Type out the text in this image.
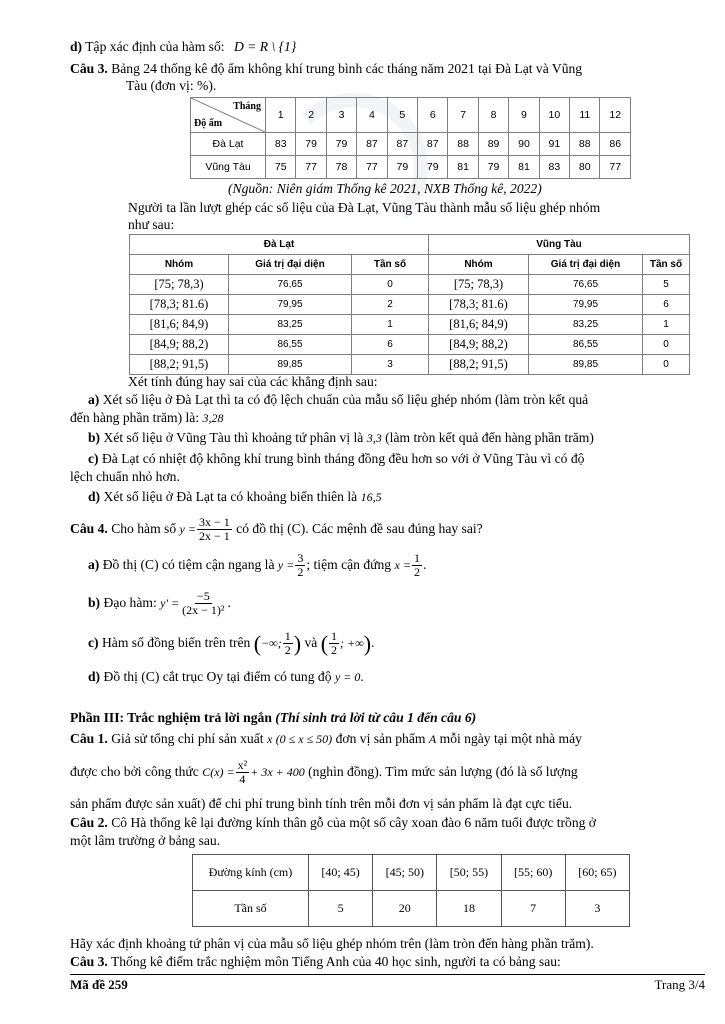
d) Tập xác định của hàm số: D = R \ {1}
Câu 3. Bảng 24 thống kê độ ẩm không khí trung bình các tháng năm 2021 tại Đà Lạt và Vũng
Tàu (đơn vị: %).
Tháng
Độ ẩm	1	2	3	4	5	6	7	8	9	10	11	12
Đà Lạt	83	79	79	87	87	87	88	89	90	91	88	86
Vũng Tàu	75	77	78	77	79	79	81	79	81	83	80	77
(Nguồn: Niên giám Thống kê 2021, NXB Thống kê, 2022)
Người ta lần lượt ghép các số liệu của Đà Lạt, Vũng Tàu thành mẫu số liệu ghép nhóm
như sau:
Đà Lạt			Vũng Tàu		
Nhóm	Giá trị đại diện	Tần số	Nhóm	Giá trị đại diện	Tần số
[75; 78,3)	76,65	0	[75; 78,3)	76,65	5
[78,3; 81.6)	79,95	2	[78,3; 81.6)	79,95	6
[81,6; 84,9)	83,25	1	[81,6; 84,9)	83,25	1
[84,9; 88,2)	86,55	6	[84,9; 88,2)	86,55	0
[88,2; 91,5)	89,85	3	[88,2; 91,5)	89,85	0
Xét tính đúng hay sai của các khẳng định sau:
a) Xét số liệu ở Đà Lạt thì ta có độ lệch chuẩn của mẫu số liệu ghép nhóm (làm tròn kết quả
đến hàng phần trăm) là: 3,28
b) Xét số liệu ở Vũng Tàu thì khoảng tứ phân vị là 3,3 (làm tròn kết quả đến hàng phần trăm)
c) Đà Lạt có nhiệt độ không khí trung bình tháng đồng đều hơn so với ở Vũng Tàu vì có độ
lệch chuẩn nhỏ hơn.
d) Xét số liệu ở Đà Lạt ta có khoảng biến thiên là 16,5
Câu 4. Cho hàm số $y = \frac{3x - 1}{2x - 1}$ có đồ thị (C). Các mệnh đề sau đúng hay sai?
a) Đồ thị (C) có tiệm cận ngang là $y = \frac{3}{2}$ ; tiệm cận đứng $x = \frac{1}{2}$ .
b) Đạo hàm: $y' = \frac{-5}{\text{(2x − 1)²}}$ .
c) Hàm số đồng biến trên trên (−∞; $\frac{1}{2}$ ) và ( $\frac{1}{2}$ ; +∞).
d) Đồ thị (C) cắt trục Oy tại điểm có tung độ y = 0.
Phần III: Trắc nghiệm trả lời ngắn (Thí sinh trả lời từ câu 1 đến câu 6)
Câu 1. Giả sử tổng chi phí sản xuất x (0 ≤ x ≤ 50) đơn vị sản phẩm A mỗi ngày tại một nhà máy
được cho bởi công thức $C(x) = \frac{\text{x²}}{4} + 3x + 400$ (nghìn đồng). Tìm mức sản lượng (đó là số lượng
sản phẩm được sản xuất) để chi phí trung bình tính trên mỗi đơn vị sản phẩm là đạt cực tiểu.
Câu 2. Cô Hà thống kê lại đường kính thân gỗ của một số cây xoan đào 6 năm tuổi được trồng ở
một lâm trường ở bảng sau.
Đường kính (cm)	[40; 45)	[45; 50)	[50; 55)	[55; 60)	[60; 65)
Tần số	5	20	18	7	3
Hãy xác định khoảng tứ phân vị của mẫu số liệu ghép nhóm trên (làm tròn đến hàng phần trăm).
Câu 3. Thống kê điểm trắc nghiệm môn Tiếng Anh của 40 học sinh, người ta có bảng sau:
Mã đề 259	Trang 3/4
